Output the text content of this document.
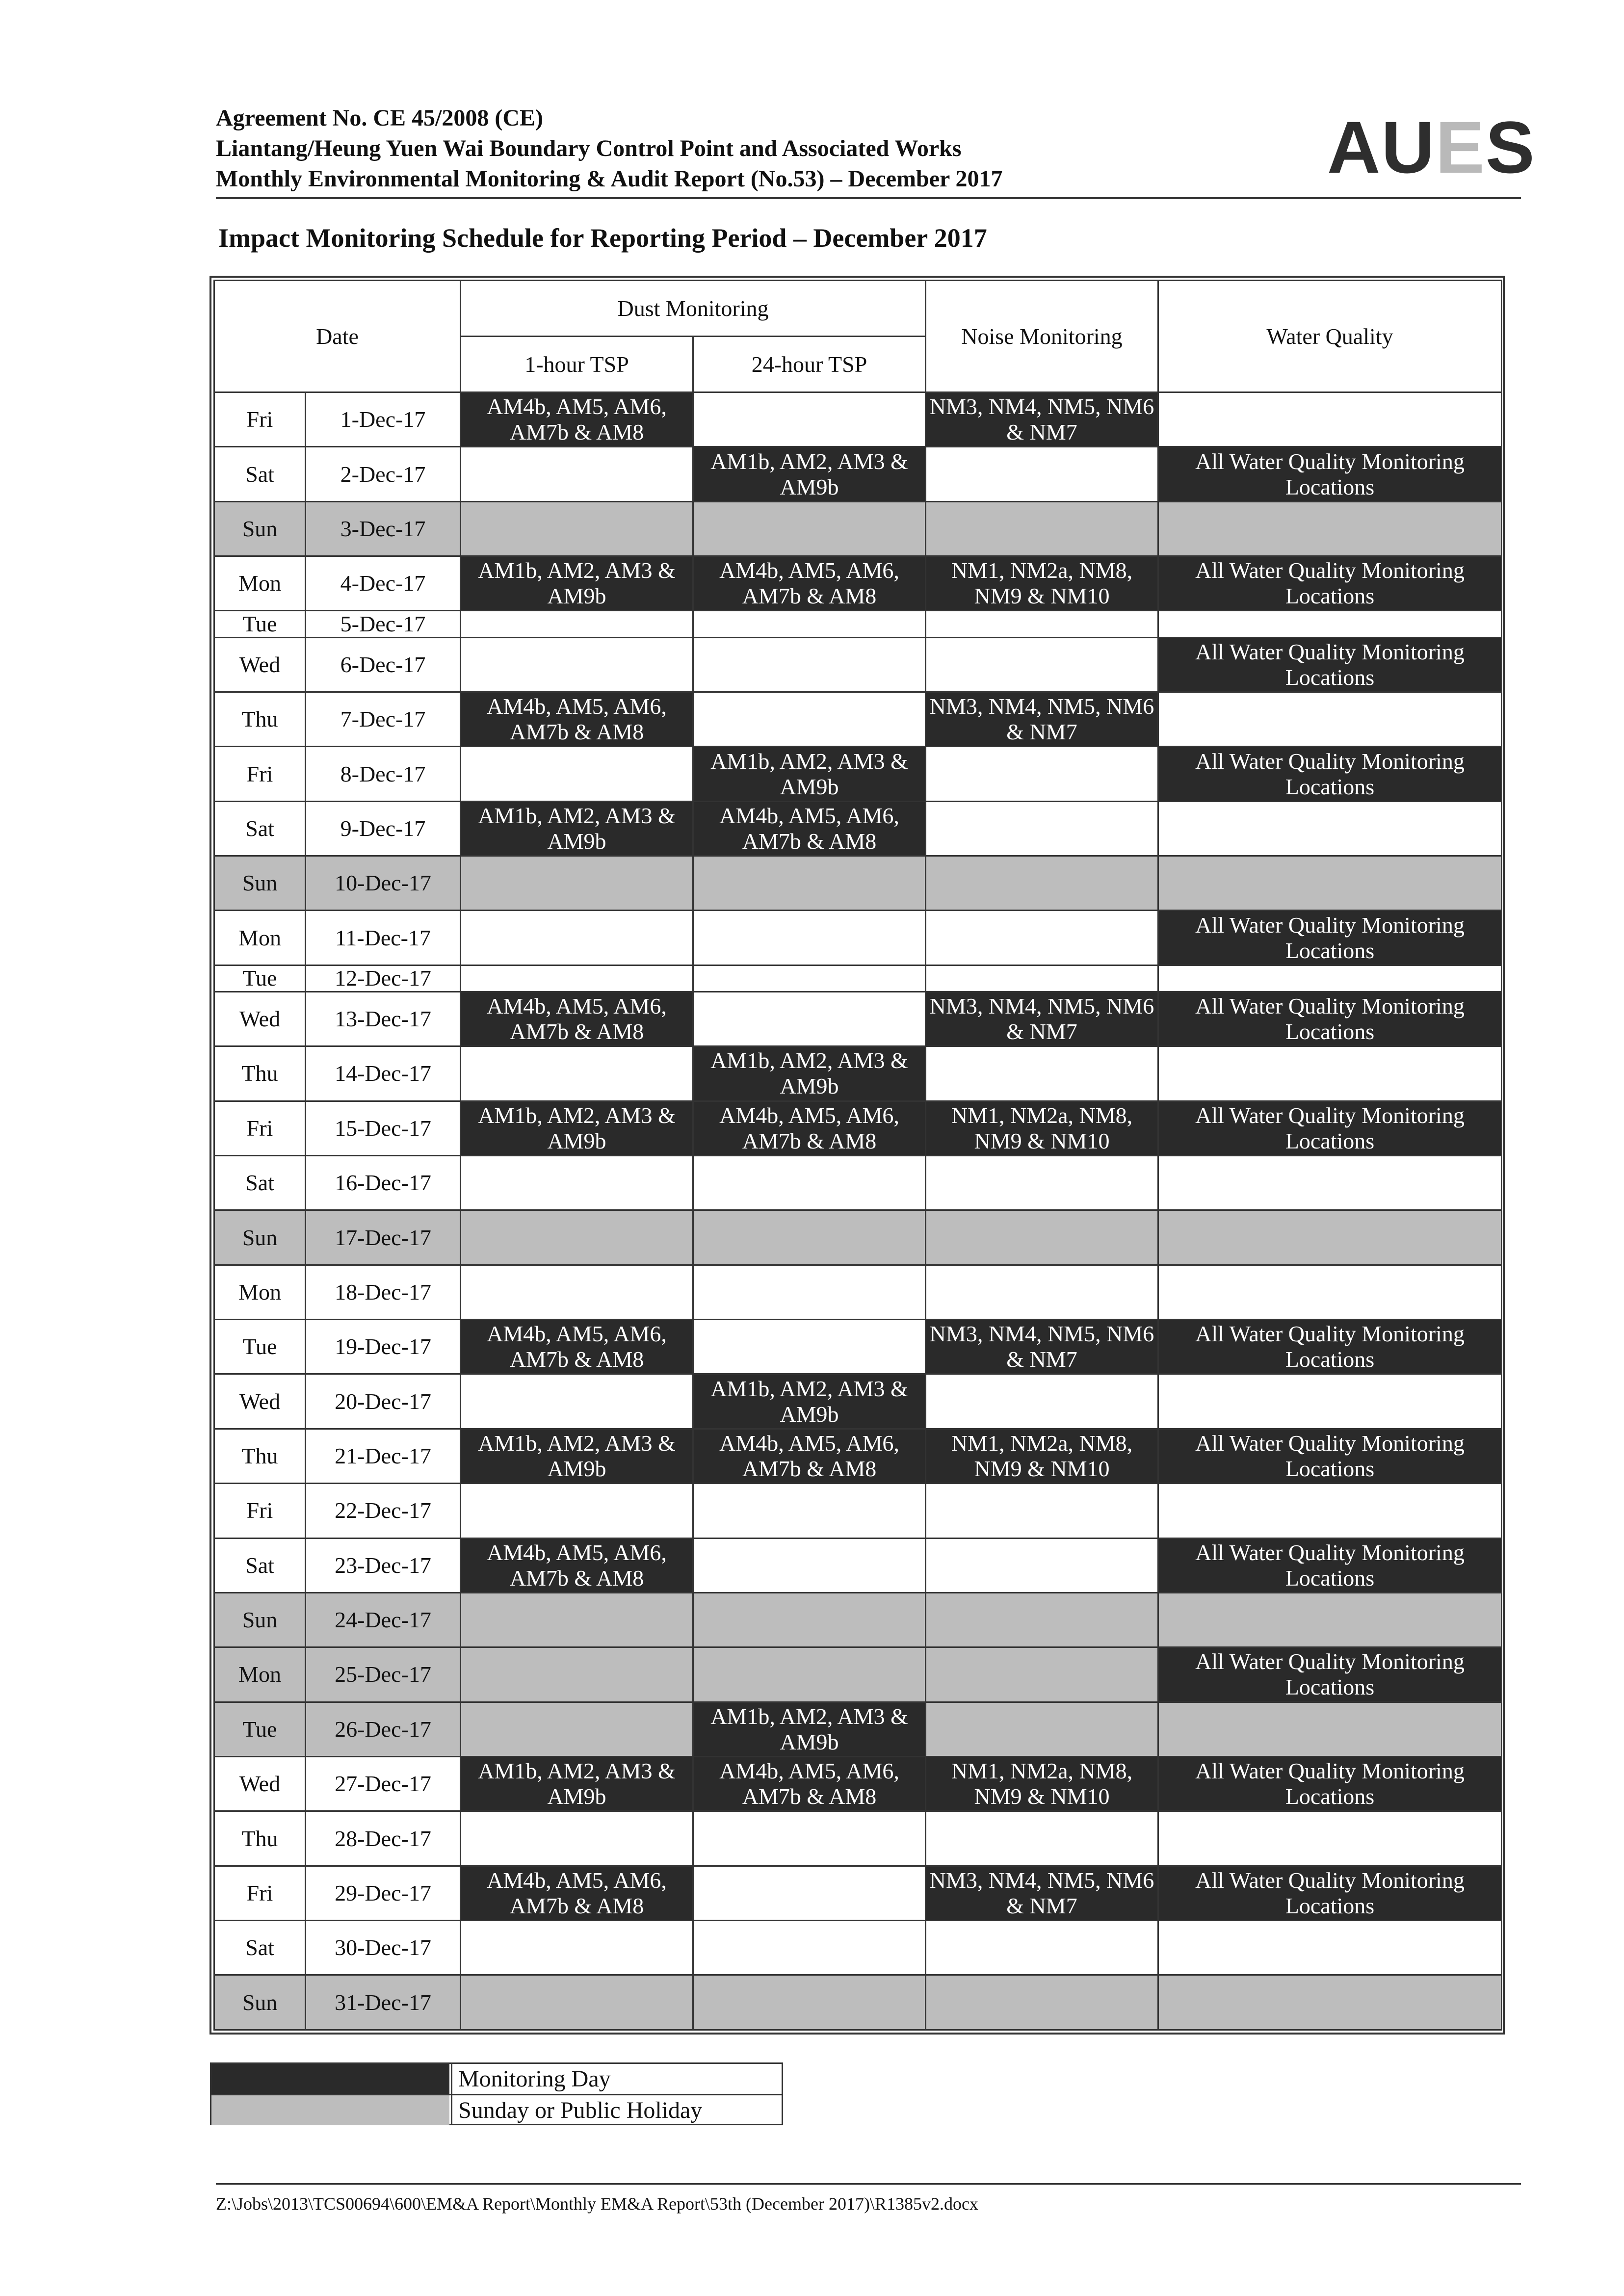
Agreement No. CE 45/2008 (CE)
Liantang/Heung Yuen Wai Boundary Control Point and Associated Works
Monthly Environmental Monitoring & Audit Report (No.53) – December 2017	AUES
Impact Monitoring Schedule for Reporting Period – December 2017
Date		Dust Monitoring		Noise Monitoring	Water Quality
		1-hour TSP	24-hour TSP		
Fri	1-Dec-17	AM4b, AM5, AM6, AM7b & AM8		NM3, NM4, NM5, NM6 & NM7	
Sat	2-Dec-17		AM1b, AM2, AM3 & AM9b		All Water Quality Monitoring Locations
Sun	3-Dec-17				
Mon	4-Dec-17	AM1b, AM2, AM3 & AM9b	AM4b, AM5, AM6, AM7b & AM8	NM1, NM2a, NM8, NM9 & NM10	All Water Quality Monitoring Locations
Tue	5-Dec-17				
Wed	6-Dec-17				All Water Quality Monitoring Locations
Thu	7-Dec-17	AM4b, AM5, AM6, AM7b & AM8		NM3, NM4, NM5, NM6 & NM7	
Fri	8-Dec-17		AM1b, AM2, AM3 & AM9b		All Water Quality Monitoring Locations
Sat	9-Dec-17	AM1b, AM2, AM3 & AM9b	AM4b, AM5, AM6, AM7b & AM8		
Sun	10-Dec-17				
Mon	11-Dec-17				All Water Quality Monitoring Locations
Tue	12-Dec-17				
Wed	13-Dec-17	AM4b, AM5, AM6, AM7b & AM8		NM3, NM4, NM5, NM6 & NM7	All Water Quality Monitoring Locations
Thu	14-Dec-17		AM1b, AM2, AM3 & AM9b		
Fri	15-Dec-17	AM1b, AM2, AM3 & AM9b	AM4b, AM5, AM6, AM7b & AM8	NM1, NM2a, NM8, NM9 & NM10	All Water Quality Monitoring Locations
Sat	16-Dec-17				
Sun	17-Dec-17				
Mon	18-Dec-17				
Tue	19-Dec-17	AM4b, AM5, AM6, AM7b & AM8		NM3, NM4, NM5, NM6 & NM7	All Water Quality Monitoring Locations
Wed	20-Dec-17		AM1b, AM2, AM3 & AM9b		
Thu	21-Dec-17	AM1b, AM2, AM3 & AM9b	AM4b, AM5, AM6, AM7b & AM8	NM1, NM2a, NM8, NM9 & NM10	All Water Quality Monitoring Locations
Fri	22-Dec-17				
Sat	23-Dec-17	AM4b, AM5, AM6, AM7b & AM8			All Water Quality Monitoring Locations
Sun	24-Dec-17				
Mon	25-Dec-17				All Water Quality Monitoring Locations
Tue	26-Dec-17		AM1b, AM2, AM3 & AM9b		
Wed	27-Dec-17	AM1b, AM2, AM3 & AM9b	AM4b, AM5, AM6, AM7b & AM8	NM1, NM2a, NM8, NM9 & NM10	All Water Quality Monitoring Locations
Thu	28-Dec-17				
Fri	29-Dec-17	AM4b, AM5, AM6, AM7b & AM8		NM3, NM4, NM5, NM6 & NM7	All Water Quality Monitoring Locations
Sat	30-Dec-17				
Sun	31-Dec-17				
Monitoring Day
Sunday or Public Holiday
Z:\Jobs\2013\TCS00694\600\EM&A Report\Monthly EM&A Report\53th (December 2017)\R1385v2.docx
